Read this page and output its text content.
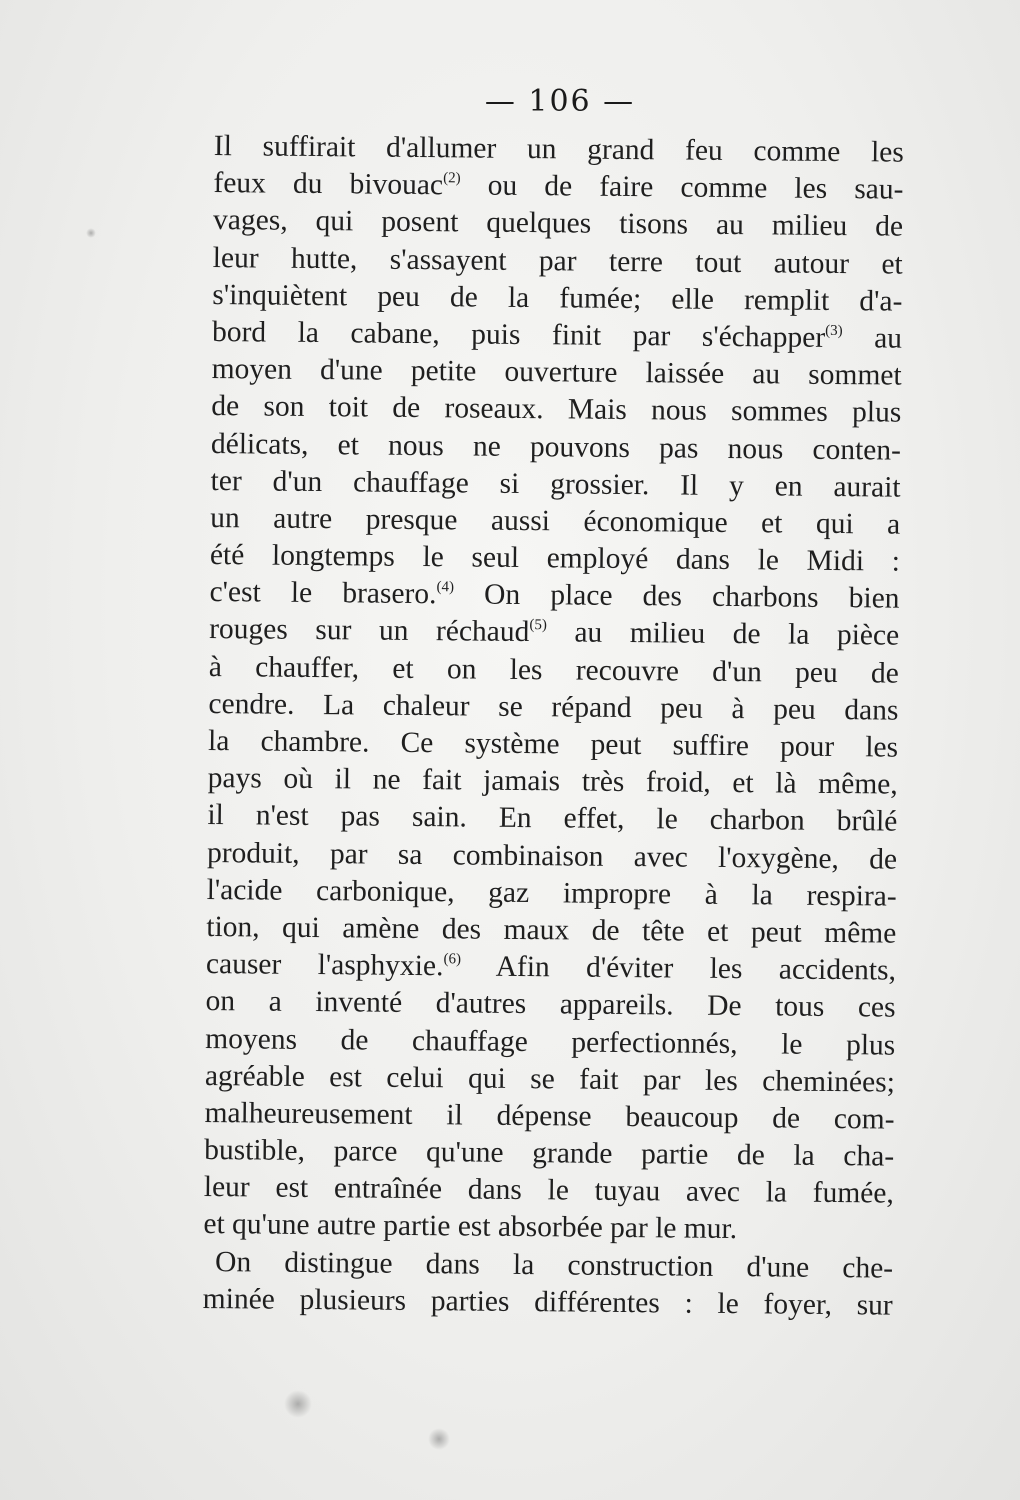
— 106 —
Il suffirait d'allumer un grand feu comme les
feux du bivouac$^{(2)}$ ou de faire comme les sau-
vages, qui posent quelques tisons au milieu de
leur hutte, s'assayent par terre tout autour et
s'inquiètent peu de la fumée; elle remplit d'a-
bord la cabane, puis finit par s'échapper$^{(3)}$ au
moyen d'une petite ouverture laissée au sommet
de son toit de roseaux. Mais nous sommes plus
délicats, et nous ne pouvons pas nous conten-
ter d'un chauffage si grossier. Il y en aurait
un autre presque aussi économique et qui a
été longtemps le seul employé dans le Midi :
c'est le brasero.$^{(4)}$ On place des charbons bien
rouges sur un réchaud$^{(5)}$ au milieu de la pièce
à chauffer, et on les recouvre d'un peu de
cendre. La chaleur se répand peu à peu dans
la chambre. Ce système peut suffire pour les
pays où il ne fait jamais très froid, et là même,
il n'est pas sain. En effet, le charbon brûlé
produit, par sa combinaison avec l'oxygène, de
l'acide carbonique, gaz impropre à la respira-
tion, qui amène des maux de tête et peut même
causer l'asphyxie.$^{(6)}$ Afin d'éviter les accidents,
on a inventé d'autres appareils. De tous ces
moyens de chauffage perfectionnés, le plus
agréable est celui qui se fait par les cheminées;
malheureusement il dépense beaucoup de com-
bustible, parce qu'une grande partie de la cha-
leur est entraînée dans le tuyau avec la fumée,
et qu'une autre partie est absorbée par le mur.
On distingue dans la construction d'une che-
minée plusieurs parties différentes : le foyer, sur
